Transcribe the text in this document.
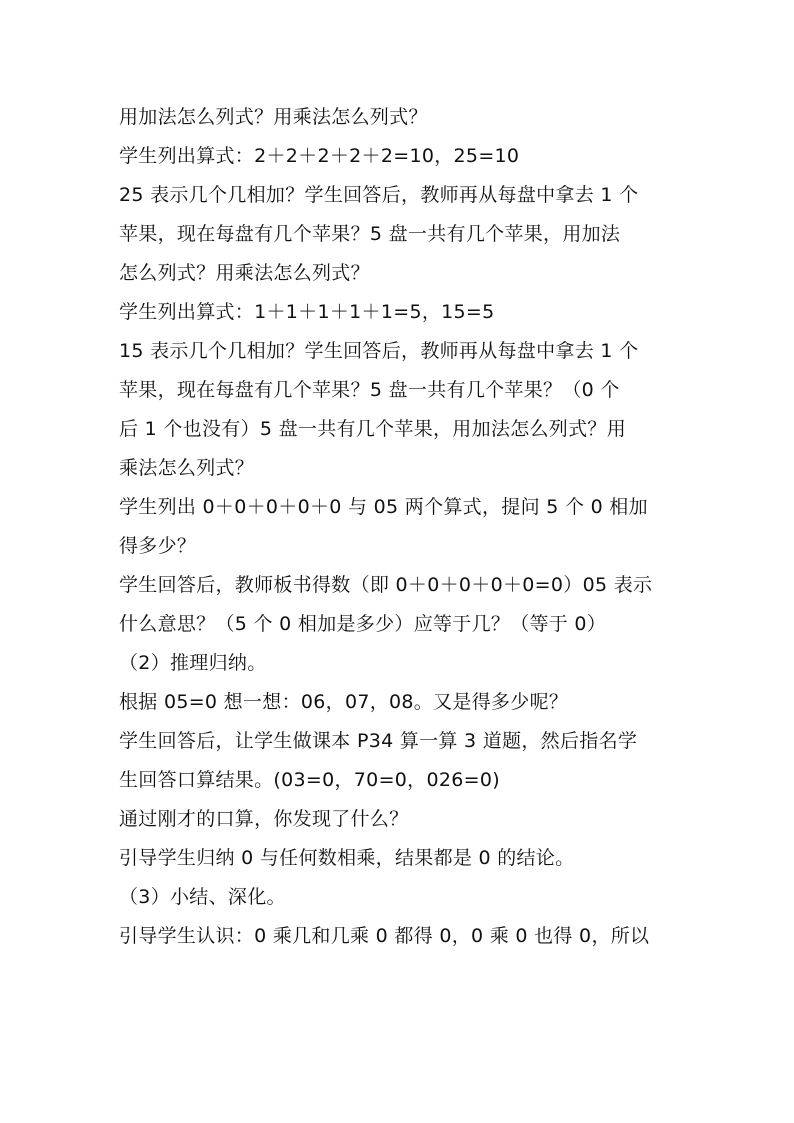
用加法怎么列式？用乘法怎么列式？
学生列出算式：2＋2＋2＋2＋2=10，25=10
25 表示几个几相加？学生回答后，教师再从每盘中拿去 1 个
苹果，现在每盘有几个苹果？5 盘一共有几个苹果，用加法
怎么列式？用乘法怎么列式？
学生列出算式：1＋1＋1＋1＋1=5，15=5
15 表示几个几相加？学生回答后，教师再从每盘中拿去 1 个
苹果，现在每盘有几个苹果？5 盘一共有几个苹果？（0 个
后 1 个也没有）5 盘一共有几个苹果，用加法怎么列式？用
乘法怎么列式？
学生列出 0＋0＋0＋0＋0 与 05 两个算式，提问 5 个 0 相加
得多少？
学生回答后，教师板书得数（即 0＋0＋0＋0＋0=0）05 表示
什么意思？（5 个 0 相加是多少）应等于几？（等于 0）
（2）推理归纳。
根据 05=0 想一想：06，07，08。又是得多少呢？
学生回答后，让学生做课本 P34 算一算 3 道题，然后指名学
生回答口算结果。(03=0，70=0，026=0)
通过刚才的口算，你发现了什么？
引导学生归纳 0 与任何数相乘，结果都是 0 的结论。
（3）小结、深化。
引导学生认识：0 乘几和几乘 0 都得 0，0 乘 0 也得 0，所以
